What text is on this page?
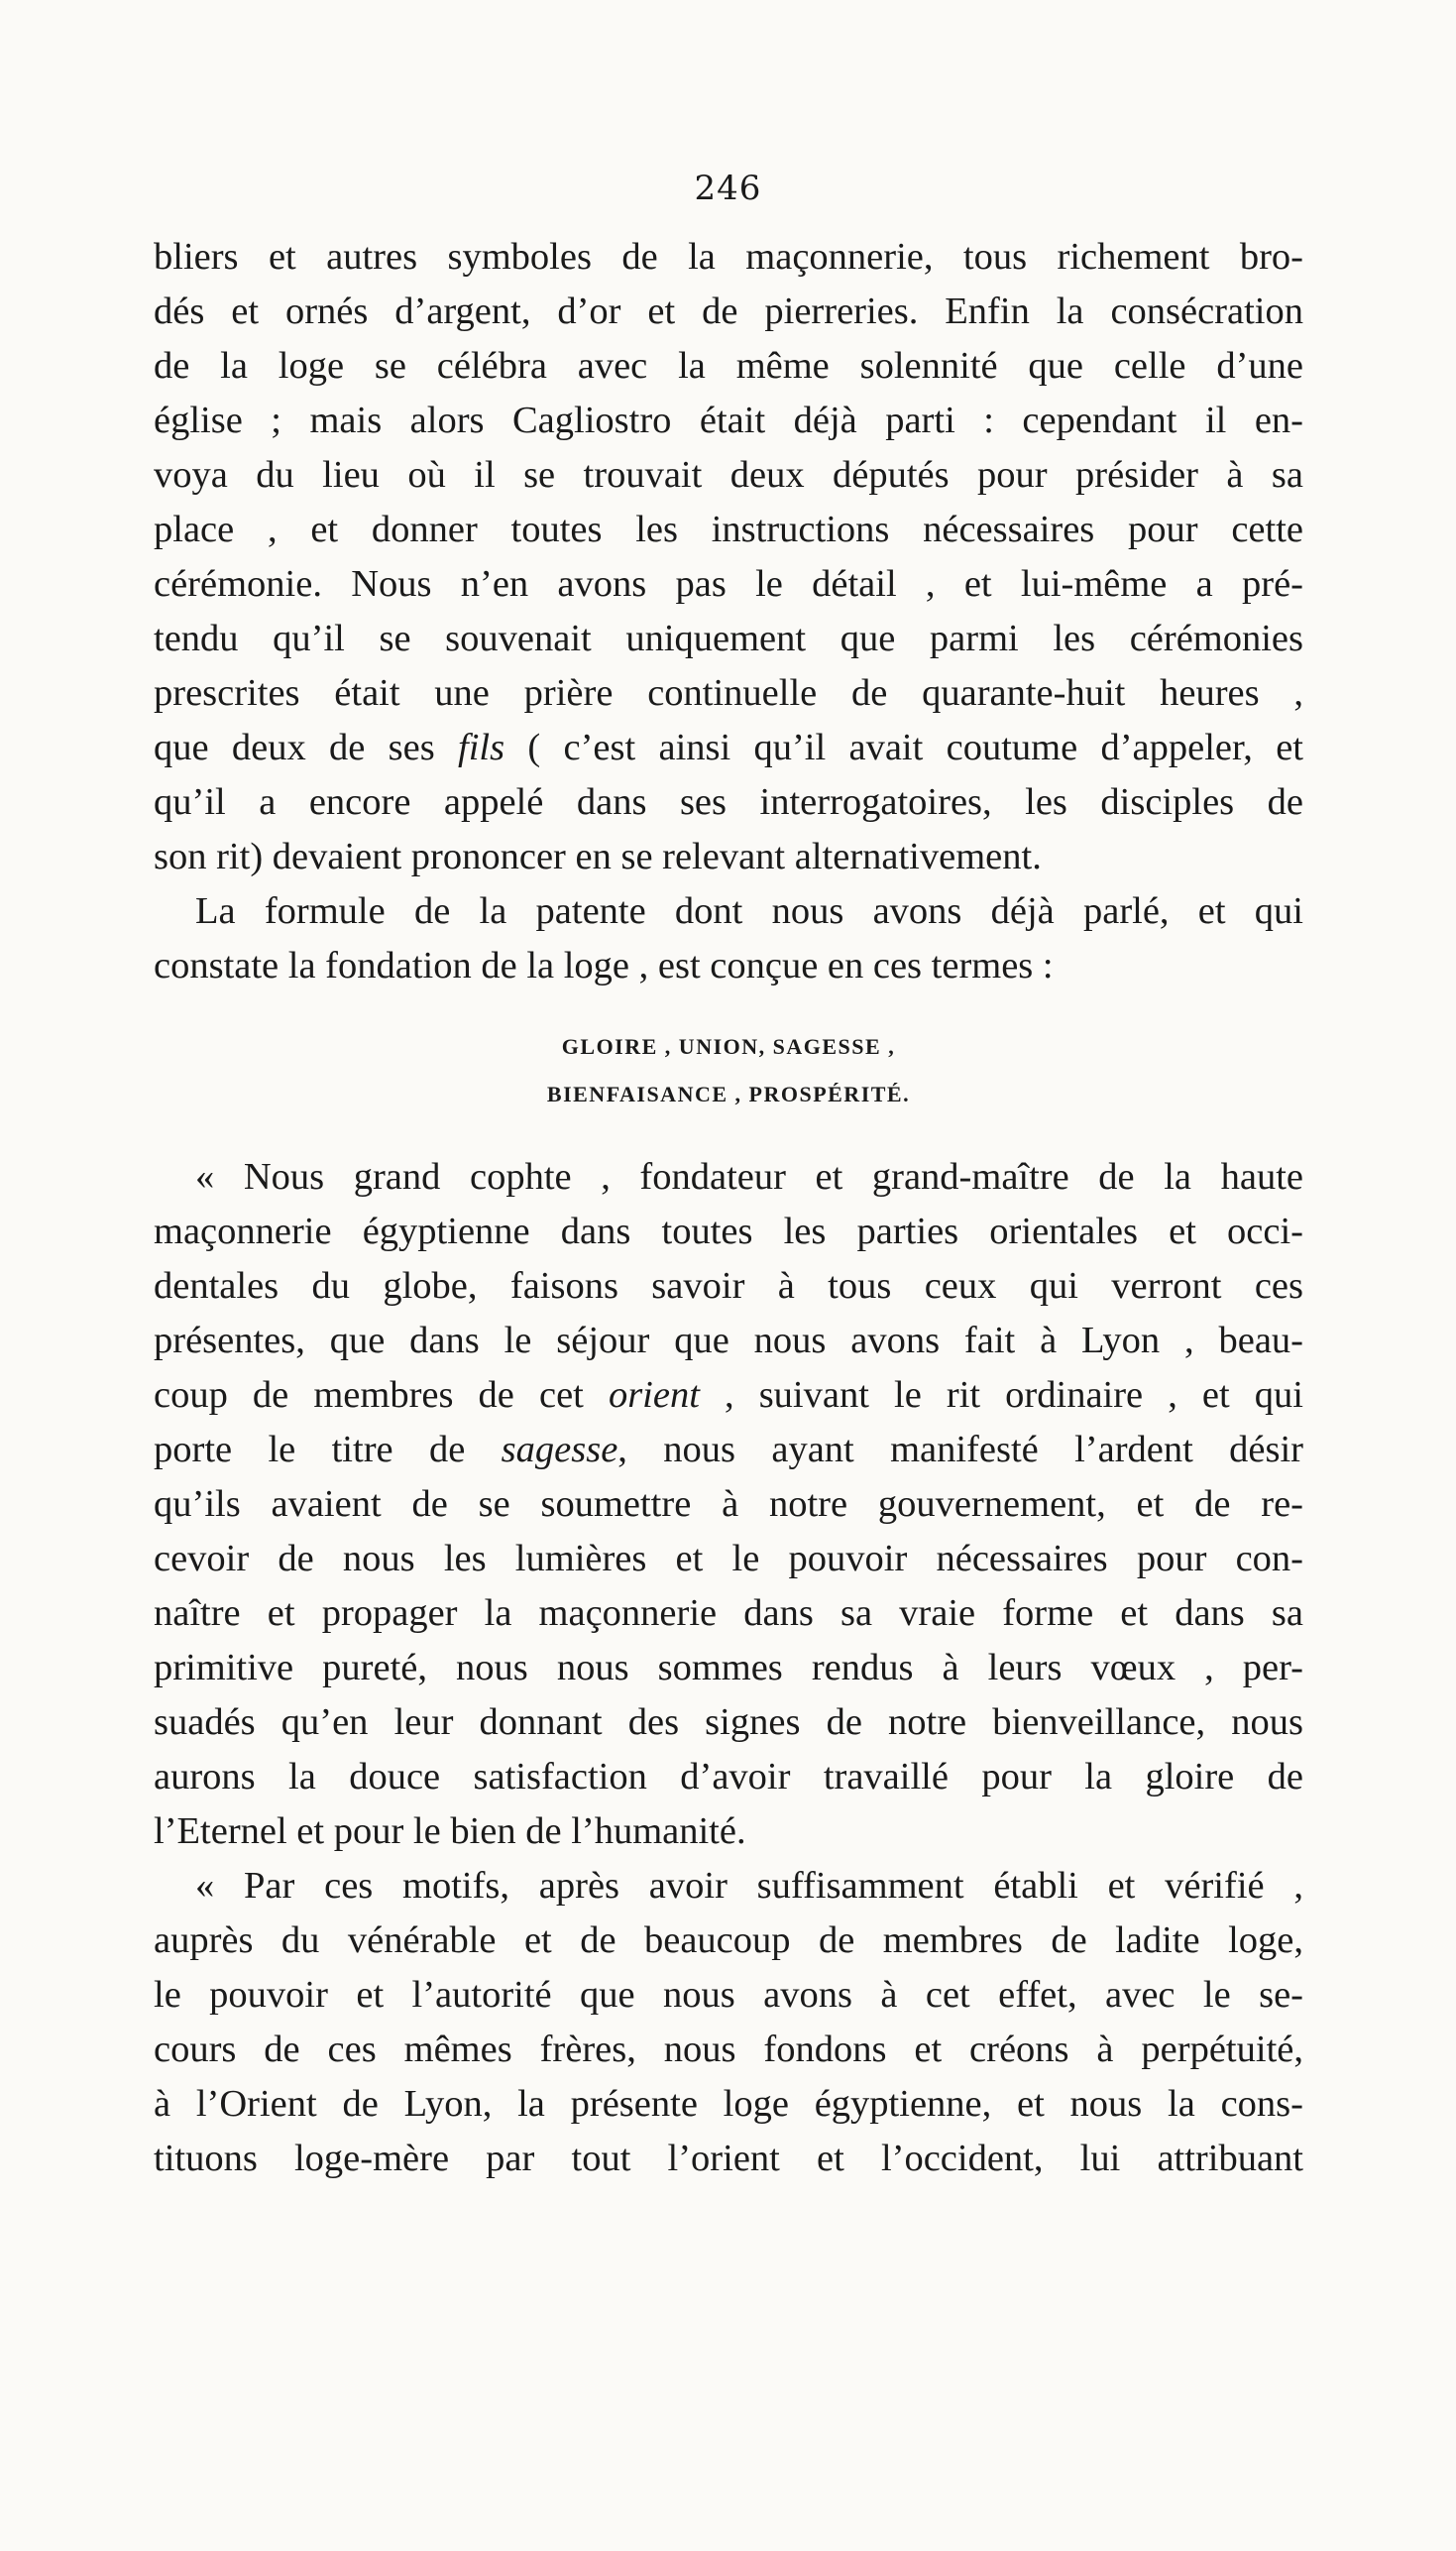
246
bliers et autres symboles de la maçonnerie, tous richement bro-
dés et ornés d’argent, d’or et de pierreries. Enfin la consécration
de la loge se célébra avec la même solennité que celle d’une
église ; mais alors Cagliostro était déjà parti : cependant il en-
voya du lieu où il se trouvait deux députés pour présider à sa
place , et donner toutes les instructions nécessaires pour cette
cérémonie. Nous n’en avons pas le détail , et lui-même a pré-
tendu qu’il se souvenait uniquement que parmi les cérémonies
prescrites était une prière continuelle de quarante-huit heures ,
que deux de ses fils ( c’est ainsi qu’il avait coutume d’appeler, et
qu’il a encore appelé dans ses interrogatoires, les disciples de
son rit) devaient prononcer en se relevant alternativement.
La formule de la patente dont nous avons déjà parlé, et qui
constate la fondation de la loge , est conçue en ces termes :
GLOIRE , UNION, SAGESSE ,
BIENFAISANCE , PROSPÉRITÉ.
« Nous grand cophte , fondateur et grand-maître de la haute
maçonnerie égyptienne dans toutes les parties orientales et occi-
dentales du globe, faisons savoir à tous ceux qui verront ces
présentes, que dans le séjour que nous avons fait à Lyon , beau-
coup de membres de cet orient , suivant le rit ordinaire , et qui
porte le titre de sagesse, nous ayant manifesté l’ardent désir
qu’ils avaient de se soumettre à notre gouvernement, et de re-
cevoir de nous les lumières et le pouvoir nécessaires pour con-
naître et propager la maçonnerie dans sa vraie forme et dans sa
primitive pureté, nous nous sommes rendus à leurs vœux , per-
suadés qu’en leur donnant des signes de notre bienveillance, nous
aurons la douce satisfaction d’avoir travaillé pour la gloire de
l’Eternel et pour le bien de l’humanité.
« Par ces motifs, après avoir suffisamment établi et vérifié ,
auprès du vénérable et de beaucoup de membres de ladite loge,
le pouvoir et l’autorité que nous avons à cet effet, avec le se-
cours de ces mêmes frères, nous fondons et créons à perpétuité,
à l’Orient de Lyon, la présente loge égyptienne, et nous la cons-
tituons loge-mère par tout l’orient et l’occident, lui attribuant
